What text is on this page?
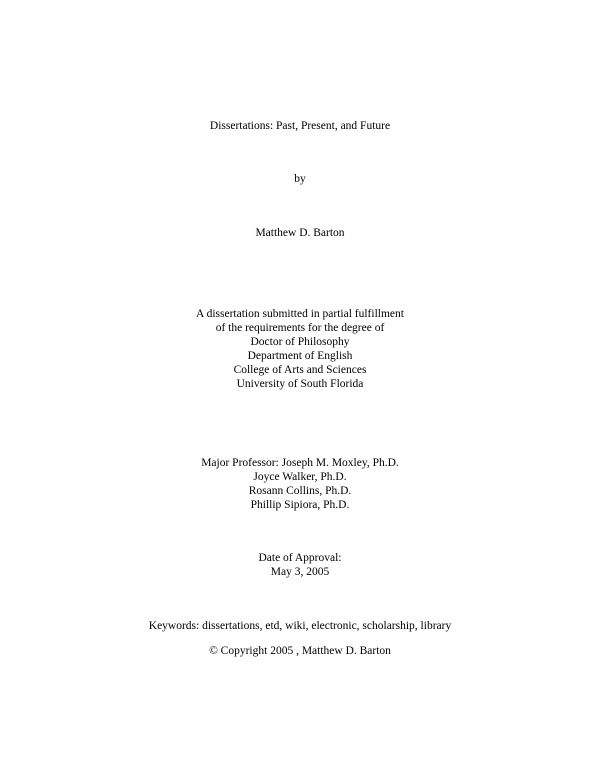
Dissertations: Past, Present, and Future
by
Matthew D. Barton
A dissertation submitted in partial fulfillment
of the requirements for the degree of
Doctor of Philosophy
Department of English
College of Arts and Sciences
University of South Florida
Major Professor: Joseph M. Moxley, Ph.D.
Joyce Walker, Ph.D.
Rosann Collins, Ph.D.
Phillip Sipiora, Ph.D.
Date of Approval:
May 3, 2005
Keywords: dissertations, etd, wiki, electronic, scholarship, library
© Copyright 2005 , Matthew D. Barton
